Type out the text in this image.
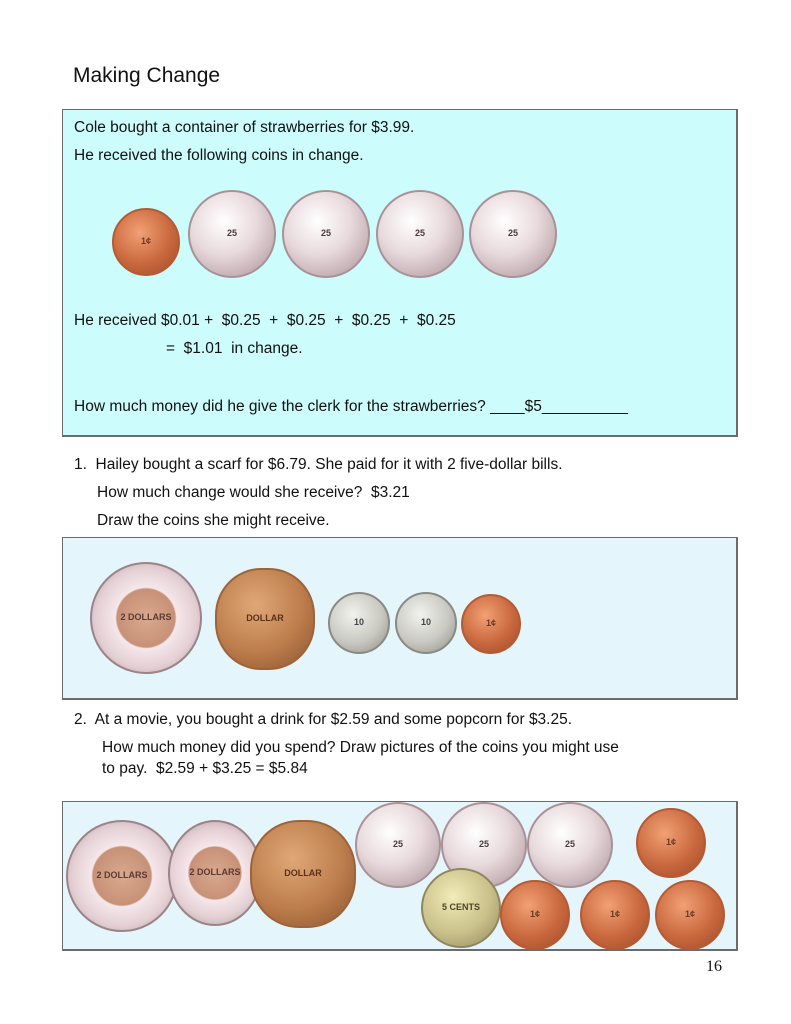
Making Change
Cole bought a container of strawberries for $3.99.
He received the following coins in change.
1¢
25	25	25	25
He received $0.01 +  $0.25  +  $0.25  +  $0.25  +  $0.25
=  $1.01  in change.
How much money did he give the clerk for the strawberries? ____$5__________
1.  Hailey bought a scarf for $6.79. She paid for it with 2 five-dollar bills.
How much change would she receive?  $3.21
Draw the coins she might receive.
2 DOLLARS	DOLLAR	10	10	1¢
2.  At a movie, you bought a drink for $2.59 and some popcorn for $3.25.
How much money did you spend? Draw pictures of the coins you might use
to pay.  $2.59 + $3.25 = $5.84
2 DOLLARS	2 DOLLARS	DOLLAR
25	25	25	1¢
5 CENTS
1¢	1¢	1¢
16
